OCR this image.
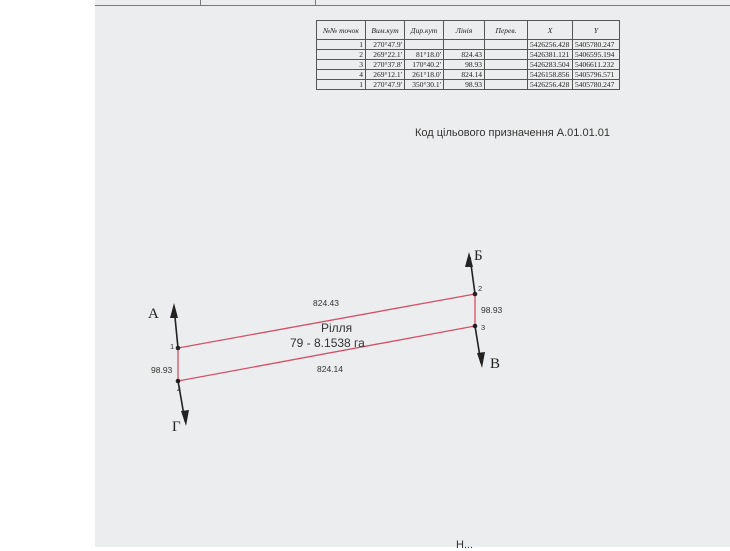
№№ точок	Вим.кут	Дир.кут	Лінія	Перев.	X	Y
1	270°47.9'				5426256.428	5405780.247
2	269°22.1'	81°18.0'	824.43		5426381.121	5406595.194
3	270°37.8'	170°40.2'	98.93		5426283.504	5406611.232
4	269°12.1'	261°18.0'	824.14		5426158.856	5405796.571
1	270°47.9'	350°30.1'	98.93		5426256.428	5405780.247
Код цільового призначення А.01.01.01
1
2
3
4
824.43
824.14
98.93
98.93
Рілля
79 - 8.1538 га
А
Б
В
Г
Н...
